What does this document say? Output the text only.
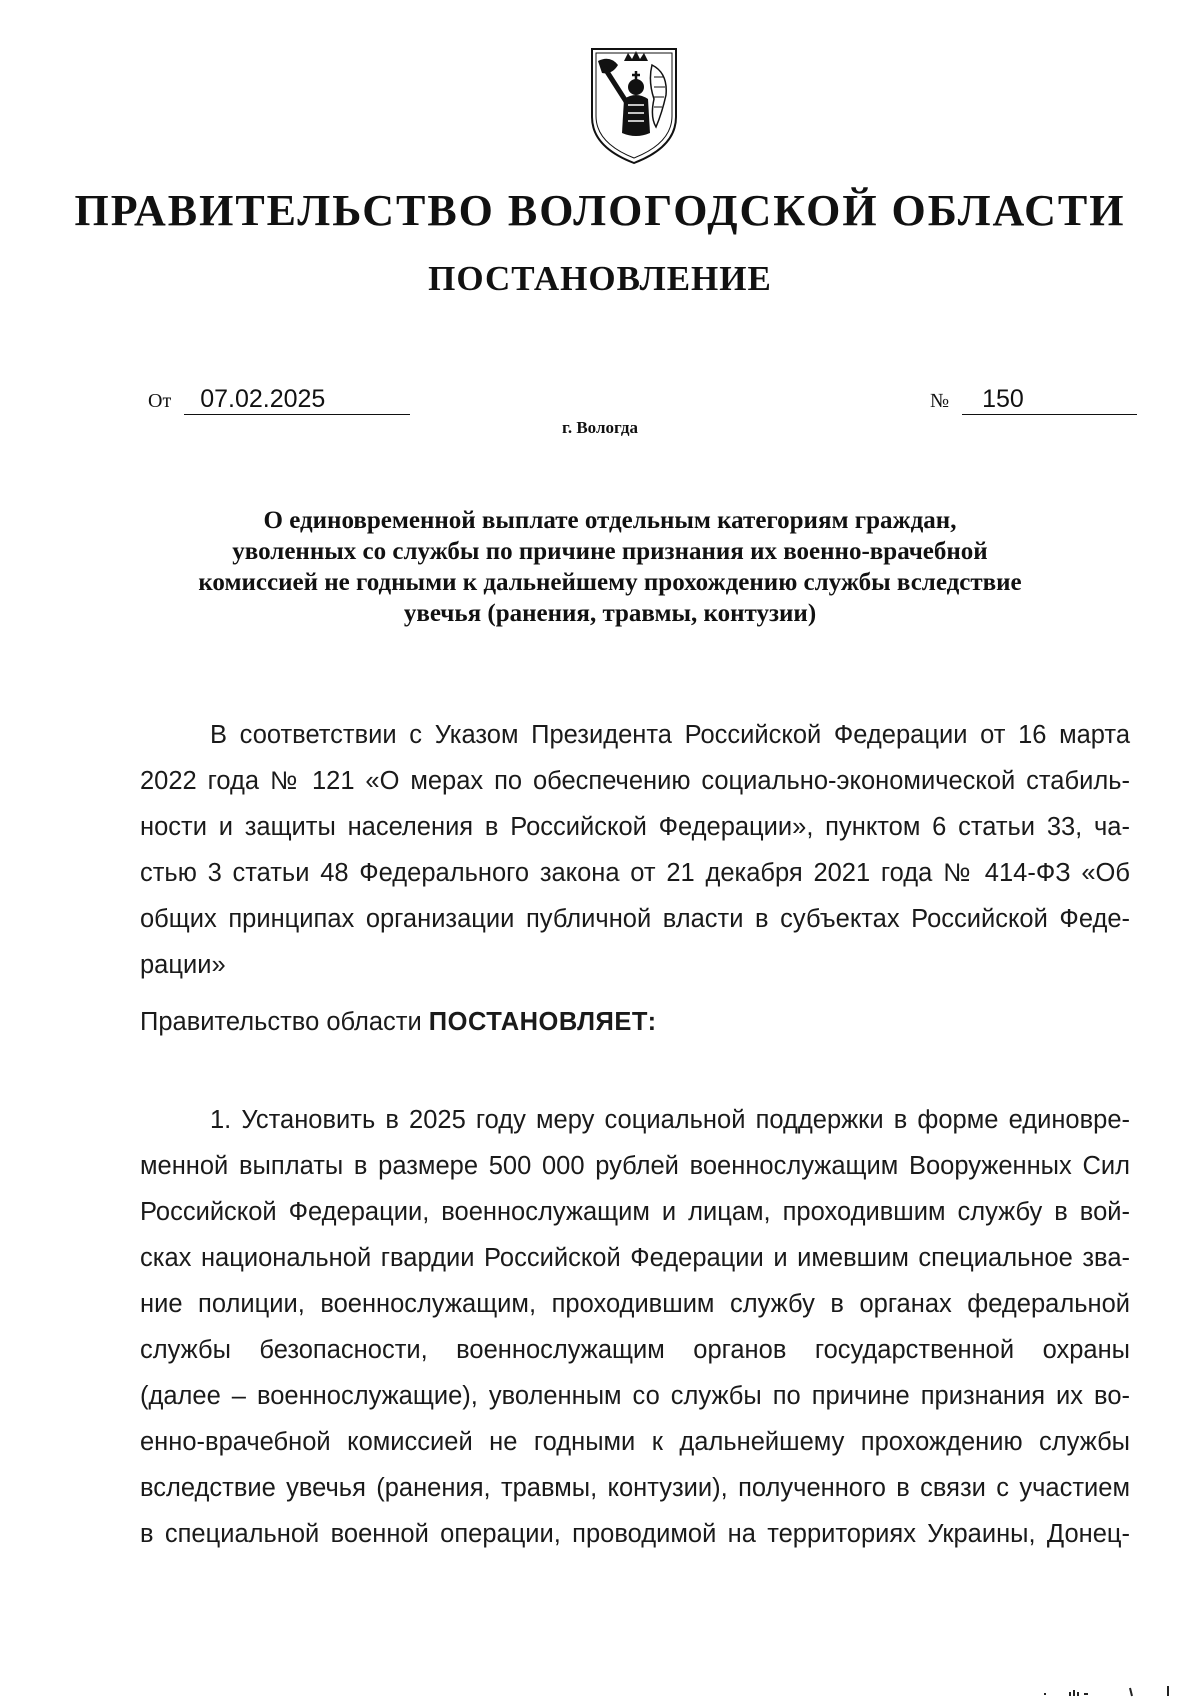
ПРАВИТЕЛЬСТВО ВОЛОГОДСКОЙ ОБЛАСТИ
ПОСТАНОВЛЕНИЕ
От 07.02.2025	№ 150
г. Вологда
О единовременной выплате отдельным категориям граждан,
уволенных со службы по причине признания их военно-врачебной
комиссией не годными к дальнейшему прохождению службы вследствие
увечья (ранения, травмы, контузии)
В соответствии с Указом Президента Российской Федерации от 16 марта
2022 года № 121 «О мерах по обеспечению социально-экономической стабиль-
ности и защиты населения в Российской Федерации», пунктом 6 статьи 33, ча-
стью 3 статьи 48 Федерального закона от 21 декабря 2021 года № 414-ФЗ «Об
общих принципах организации публичной власти в субъектах Российской Феде-
рации»
Правительство области ПОСТАНОВЛЯЕТ:
1. Установить в 2025 году меру социальной поддержки в форме единовре-
менной выплаты в размере 500 000 рублей военнослужащим Вооруженных Сил
Российской Федерации, военнослужащим и лицам, проходившим службу в вой-
сках национальной гвардии Российской Федерации и имевшим специальное зва-
ние полиции, военнослужащим, проходившим службу в органах федеральной
службы безопасности, военнослужащим органов государственной охраны
(далее – военнослужащие), уволенным со службы по причине признания их во-
енно-врачебной комиссией не годными к дальнейшему прохождению службы
вследствие увечья (ранения, травмы, контузии), полученного в связи с участием
в специальной военной операции, проводимой на территориях Украины, Донец-
